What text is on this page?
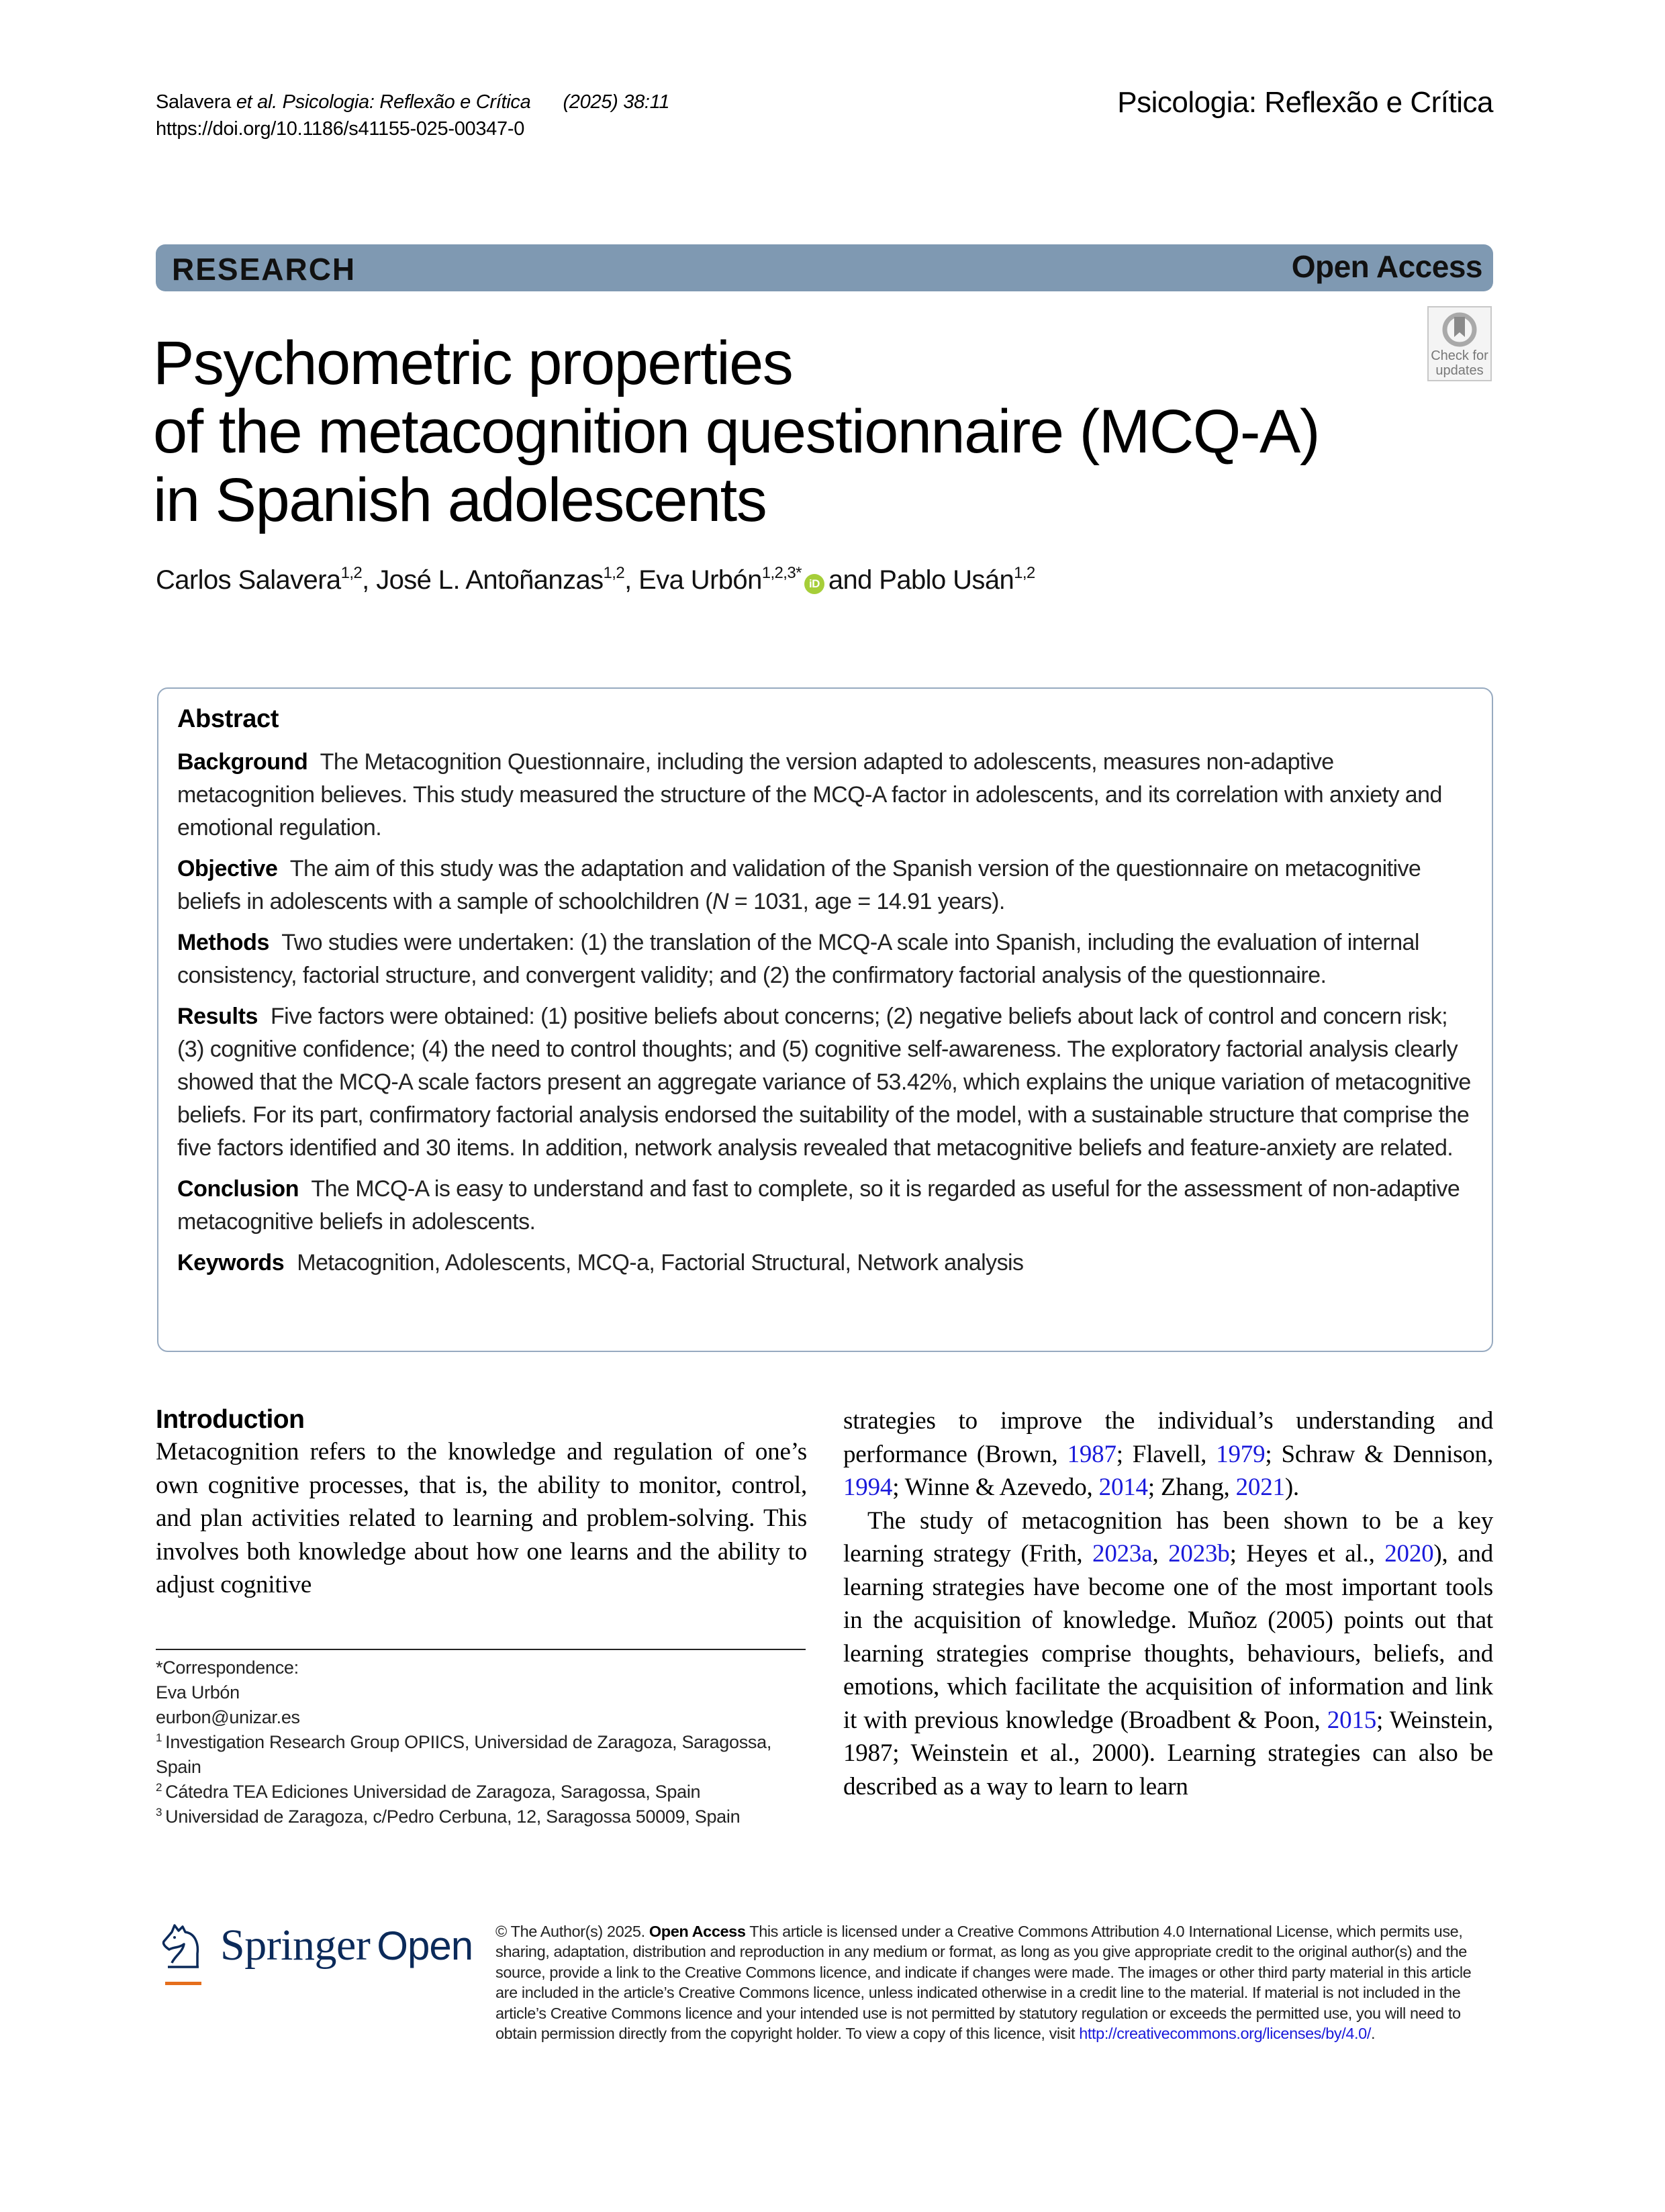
Salavera et al. Psicologia: Reflexão e Crítica (2025) 38:11
https://doi.org/10.1186/s41155-025-00347-0
Psicologia: Reflexão e Crítica
RESEARCH	Open Access
Check for
updates
Psychometric properties
of the metacognition questionnaire (MCQ-A)
in Spanish adolescents
Carlos Salavera$^{1,2}$, José L. Antoñanzas$^{1,2}$, Eva Urbón$^{1,2,3*}$iD and Pablo Usán$^{1,2}$
Abstract

Background The Metacognition Questionnaire, including the version adapted to adolescents, measures non-adaptive metacognition believes. This study measured the structure of the MCQ-A factor in adolescents, and its correlation with anxiety and emotional regulation.

Objective The aim of this study was the adaptation and validation of the Spanish version of the questionnaire on metacognitive beliefs in adolescents with a sample of schoolchildren (N = 1031, age = 14.91 years).

Methods Two studies were undertaken: (1) the translation of the MCQ-A scale into Spanish, including the evaluation of internal consistency, factorial structure, and convergent validity; and (2) the confirmatory factorial analysis of the questionnaire.

Results Five factors were obtained: (1) positive beliefs about concerns; (2) negative beliefs about lack of control and concern risk; (3) cognitive confidence; (4) the need to control thoughts; and (5) cognitive self-awareness. The exploratory factorial analysis clearly showed that the MCQ-A scale factors present an aggregate variance of 53.42%, which explains the unique variation of metacognitive beliefs. For its part, confirmatory factorial analysis endorsed the suitability of the model, with a sustainable structure that comprise the five factors identified and 30 items. In addition, network analysis revealed that metacognitive beliefs and feature-anxiety are related.

Conclusion The MCQ-A is easy to understand and fast to complete, so it is regarded as useful for the assessment of non-adaptive metacognitive beliefs in adolescents.

Keywords Metacognition, Adolescents, MCQ-a, Factorial Structural, Network analysis

Introduction

Metacognition refers to the knowledge and regulation of one’s own cognitive processes, that is, the ability to monitor, control, and plan activities related to learning and problem-solving. This involves both knowledge about how one learns and the ability to adjust cognitive

strategies to improve the individual’s understanding and performance (Brown, 1987; Flavell, 1979; Schraw & Dennison, 1994; Winne & Azevedo, 2014; Zhang, 2021).

The study of metacognition has been shown to be a key learning strategy (Frith, 2023a, 2023b; Heyes et al., 2020), and learning strategies have become one of the most important tools in the acquisition of knowledge. Muñoz (2005) points out that learning strategies comprise thoughts, behaviours, beliefs, and emotions, which facilitate the acquisition of information and link it with previous knowledge (Broadbent & Poon, 2015; Weinstein, 1987; Weinstein et al., 2000). Learning strategies can also be described as a way to learn to learn

*Correspondence:
Eva Urbón
eurbon@unizar.es
$^1$ Investigation Research Group OPIICS, Universidad de Zaragoza, Saragossa, Spain
$^2$ Cátedra TEA Ediciones Universidad de Zaragoza, Saragossa, Spain
$^3$ Universidad de Zaragoza, c/Pedro Cerbuna, 12, Saragossa 50009, Spain
Springer Open © The Author(s) 2025. Open Access This article is licensed under a Creative Commons Attribution 4.0 International License, which permits use, sharing, adaptation, distribution and reproduction in any medium or format, as long as you give appropriate credit to the original author(s) and the source, provide a link to the Creative Commons licence, and indicate if changes were made. The images or other third party material in this article are included in the article’s Creative Commons licence, unless indicated otherwise in a credit line to the material. If material is not included in the article’s Creative Commons licence and your intended use is not permitted by statutory regulation or exceeds the permitted use, you will need to obtain permission directly from the copyright holder. To view a copy of this licence, visit http://creativecommons.org/licenses/by/4.0/.
